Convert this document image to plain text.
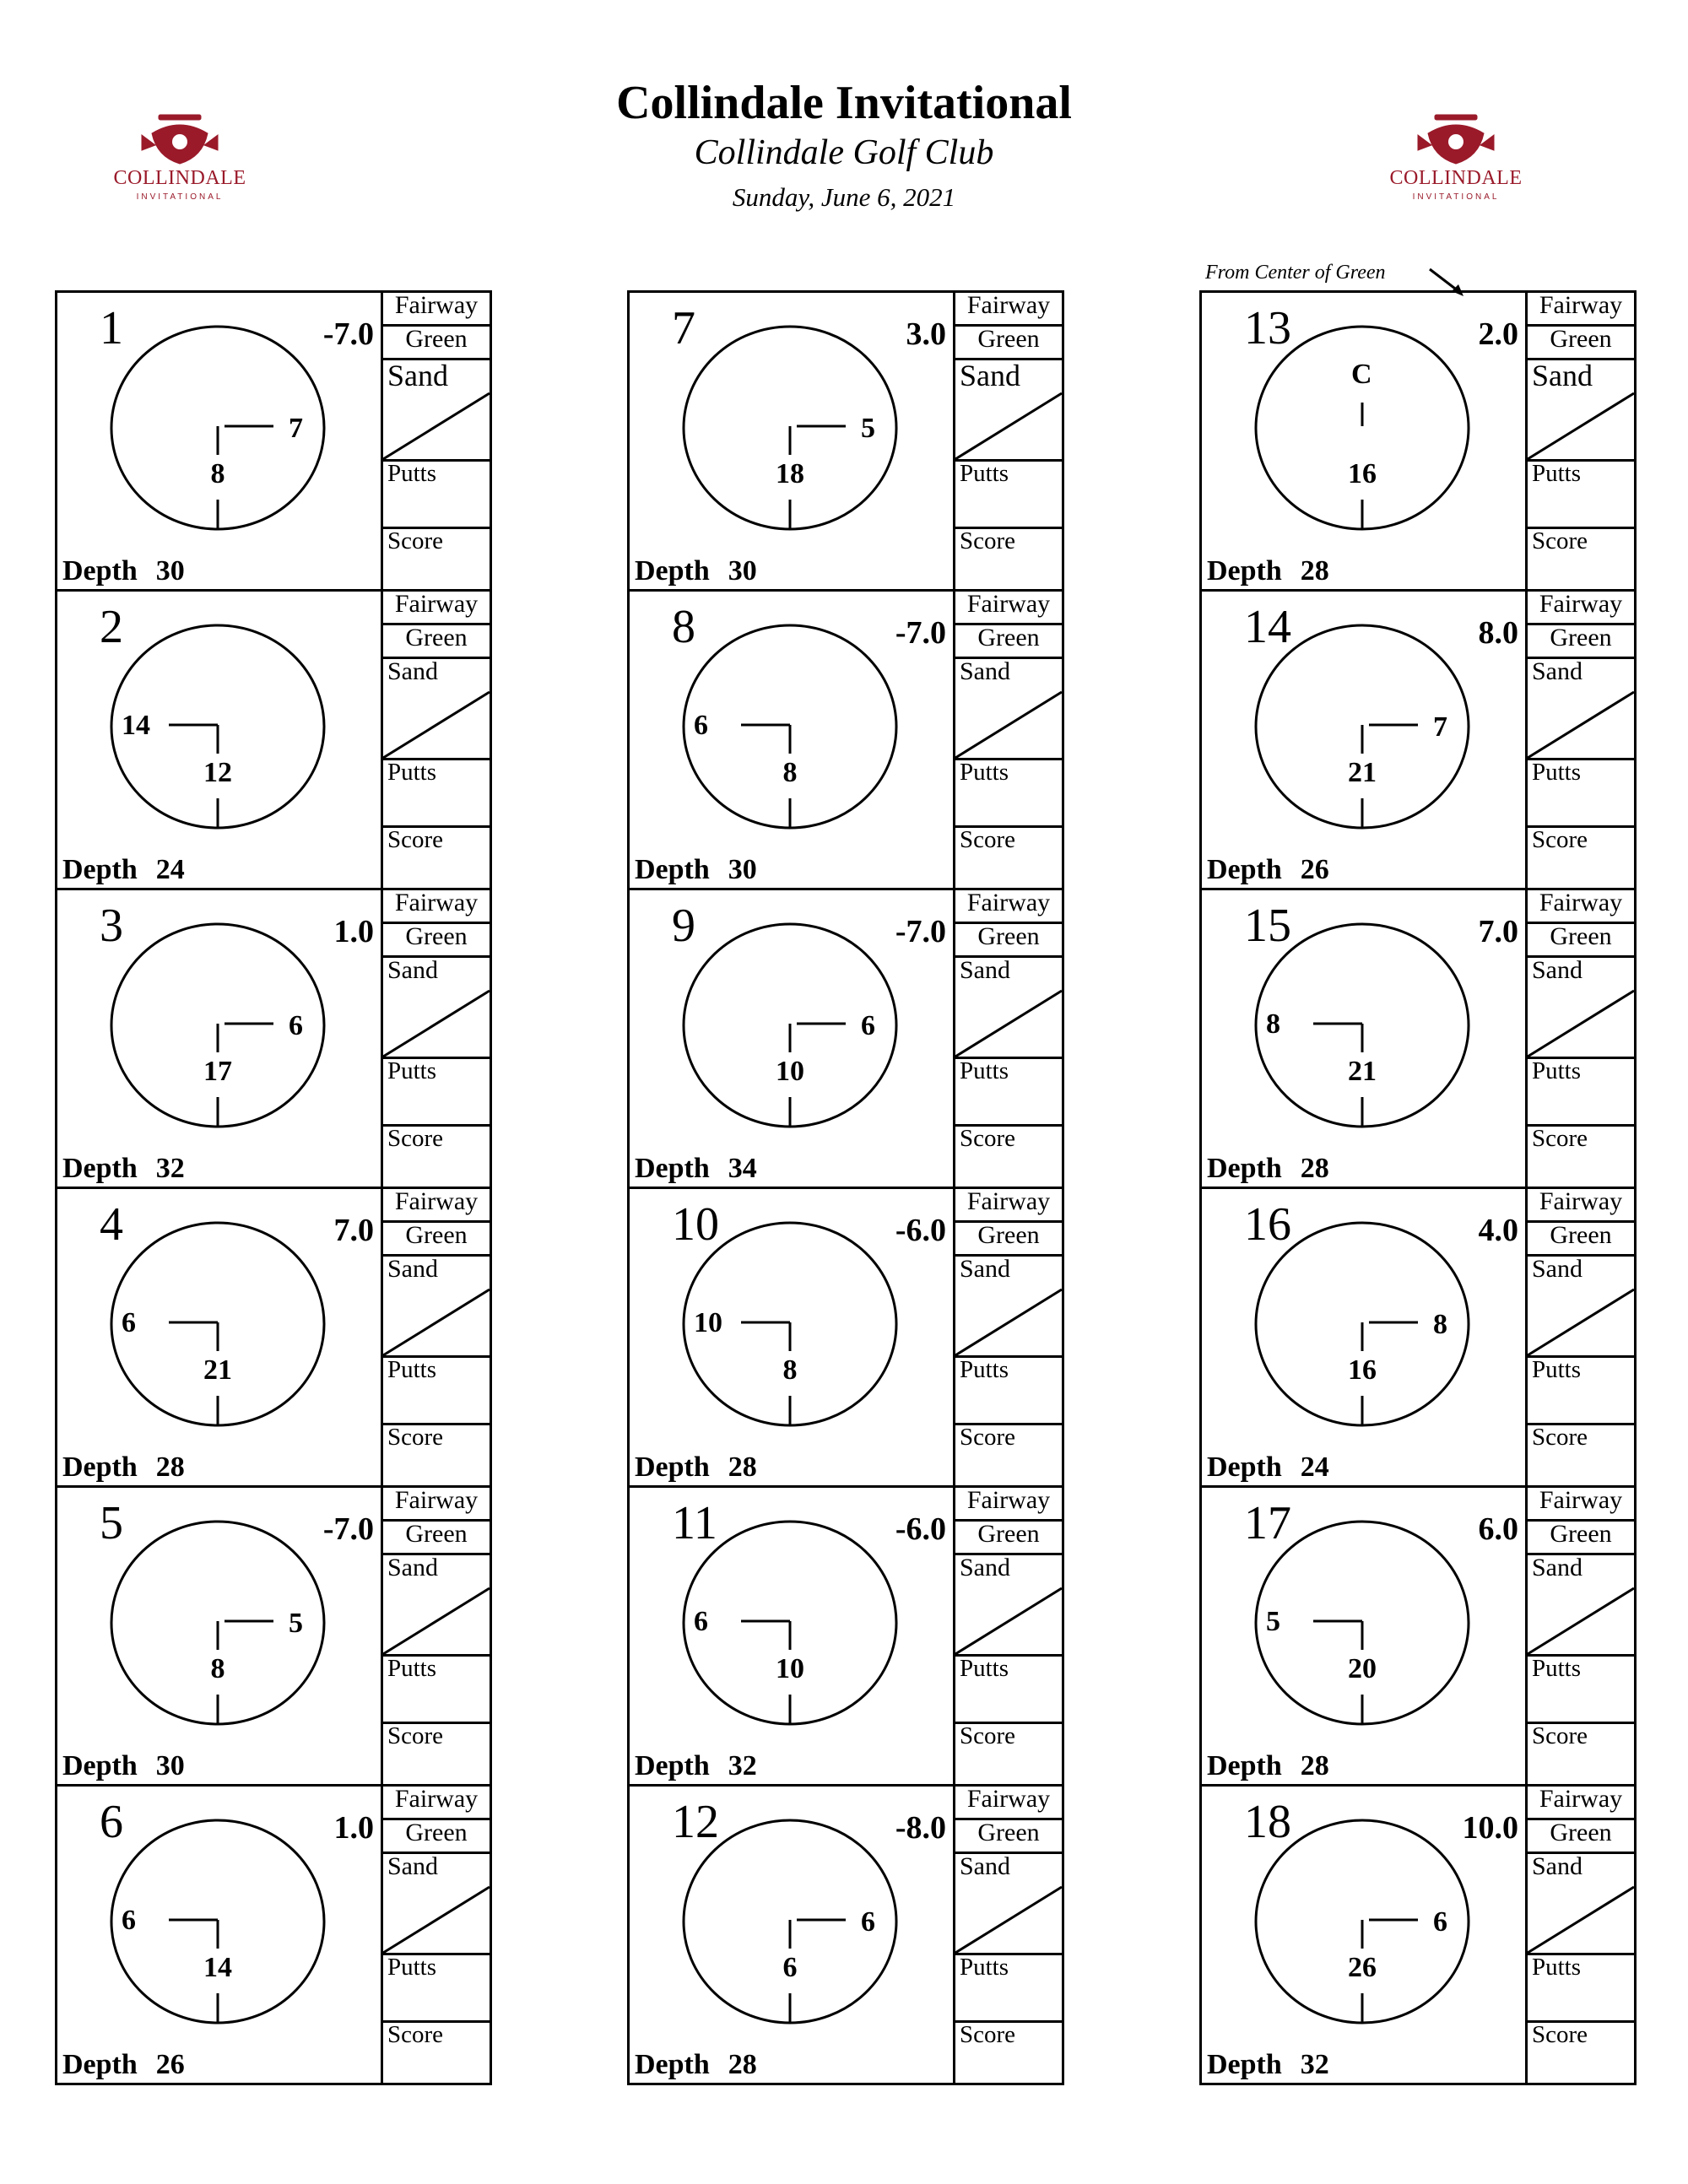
Collindale Invitational
Collindale Golf Club
Sunday, June 6, 2021
COLLINDALE
INVITATIONAL
COLLINDALE
INVITATIONAL
From Center of Green
1	-7.0
7
8
Depth 30
Fairway
Green
Sand
Putts
Score
2
14
12
Depth 24
Fairway
Green
Sand
Putts
Score
3	1.0
6
17
Depth 32
Fairway
Green
Sand
Putts
Score
4	7.0
6
21
Depth 28
Fairway
Green
Sand
Putts
Score
5	-7.0
5
8
Depth 30
Fairway
Green
Sand
Putts
Score
6	1.0
6
14
Depth 26
Fairway
Green
Sand
Putts
Score
7	3.0
5
18
Depth 30
Fairway
Green
Sand
Putts
Score
8	-7.0
6
8
Depth 30
Fairway
Green
Sand
Putts
Score
9	-7.0
6
10
Depth 34
Fairway
Green
Sand
Putts
Score
10	-6.0
10
8
Depth 28
Fairway
Green
Sand
Putts
Score
11	-6.0
6
10
Depth 32
Fairway
Green
Sand
Putts
Score
12	-8.0
6
6
Depth 28
Fairway
Green
Sand
Putts
Score
13	2.0
C
16
Depth 28
Fairway
Green
Sand
Putts
Score
14	8.0
7
21
Depth 26
Fairway
Green
Sand
Putts
Score
15	7.0
8
21
Depth 28
Fairway
Green
Sand
Putts
Score
16	4.0
8
16
Depth 24
Fairway
Green
Sand
Putts
Score
17	6.0
5
20
Depth 28
Fairway
Green
Sand
Putts
Score
18	10.0
6
26
Depth 32
Fairway
Green
Sand
Putts
Score
